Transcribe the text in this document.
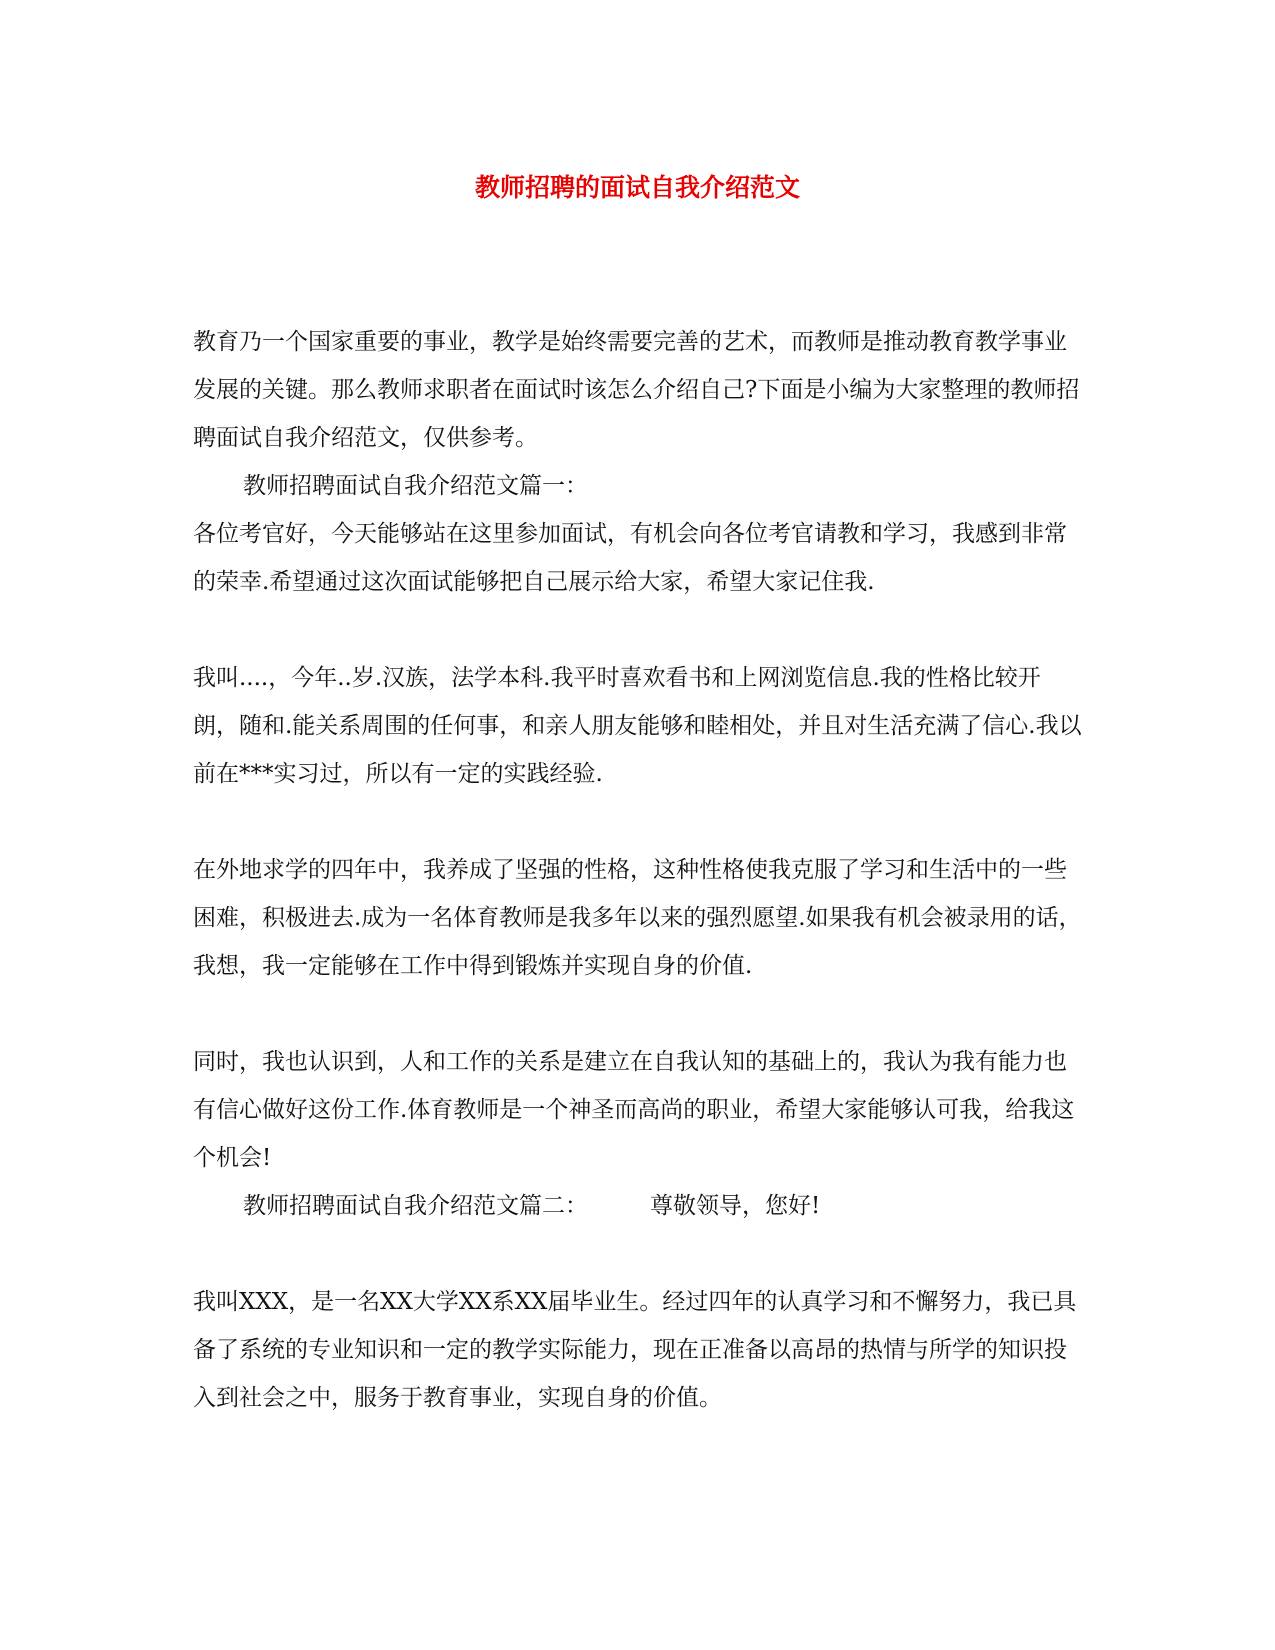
教师招聘的面试自我介绍范文

教育乃一个国家重要的事业，教学是始终需要完善的艺术，而教师是推动教育教学事业发展的关键。那么教师求职者在面试时该怎么介绍自己?下面是小编为大家整理的教师招聘面试自我介绍范文，仅供参考。

教师招聘面试自我介绍范文篇一：

各位考官好，今天能够站在这里参加面试，有机会向各位考官请教和学习，我感到非常的荣幸.希望通过这次面试能够把自己展示给大家，希望大家记住我.

我叫....，今年..岁.汉族，法学本科.我平时喜欢看书和上网浏览信息.我的性格比较开朗，随和.能关系周围的任何事，和亲人朋友能够和睦相处，并且对生活充满了信心.我以前在***实习过，所以有一定的实践经验.

在外地求学的四年中，我养成了坚强的性格，这种性格使我克服了学习和生活中的一些困难，积极进去.成为一名体育教师是我多年以来的强烈愿望.如果我有机会被录用的话，我想，我一定能够在工作中得到锻炼并实现自身的价值.

同时，我也认识到，人和工作的关系是建立在自我认知的基础上的，我认为我有能力也有信心做好这份工作.体育教师是一个神圣而高尚的职业，希望大家能够认可我，给我这个机会!

教师招聘面试自我介绍范文篇二：	尊敬领导，您好!

我叫XXX，是一名XX大学XX系XX届毕业生。经过四年的认真学习和不懈努力，我已具备了系统的专业知识和一定的教学实际能力，现在正准备以高昂的热情与所学的知识投入到社会之中，服务于教育事业，实现自身的价值。
